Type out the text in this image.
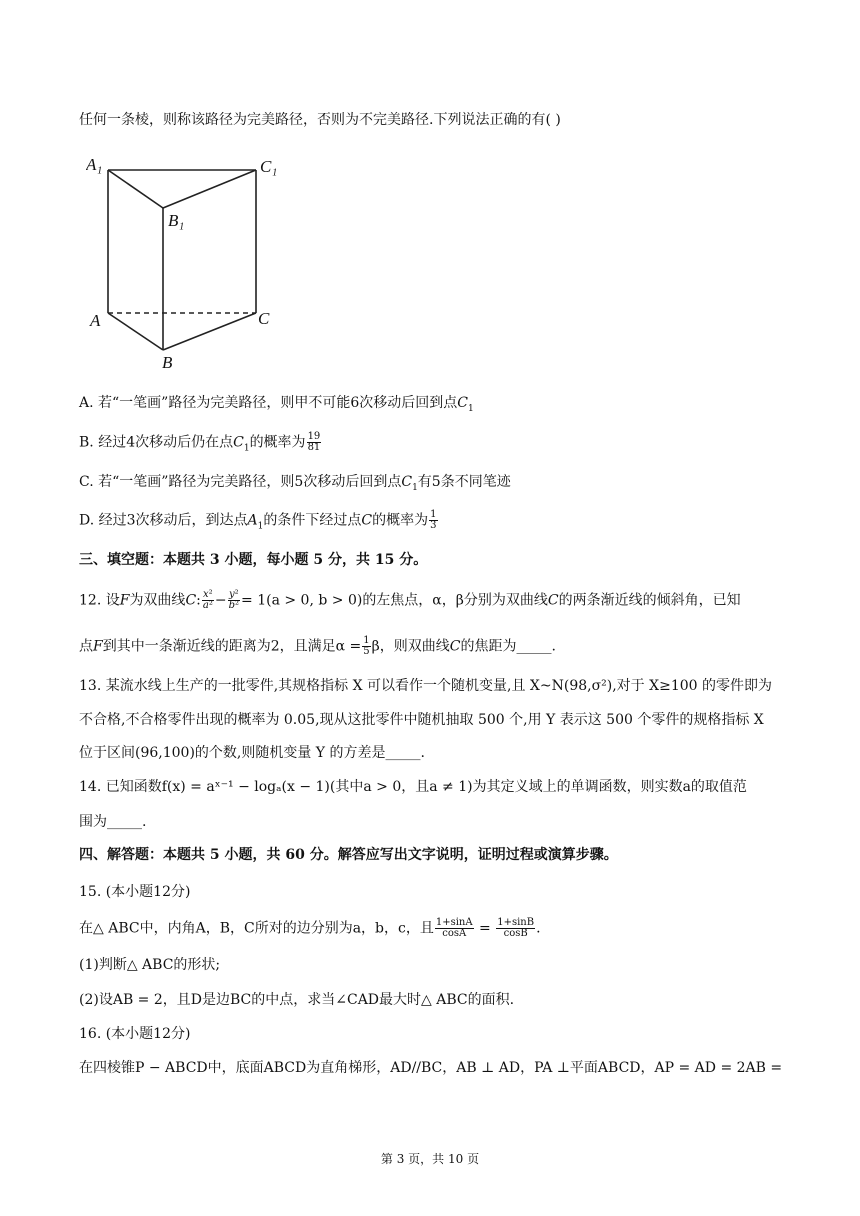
任何一条棱，则称该路径为完美路径，否则为不完美路径.下列说法正确的有( )
A₁	C₁
B₁
A	C
B
A. 若“一笔画”路径为完美路径，则甲不可能6次移动后回到点$C_1$
B. 经过4次移动后仍在点$C_1$的概率为 $\frac{19}{81}$
C. 若“一笔画”路径为完美路径，则5次移动后回到点$C_1$有5条不同笔迹
D. 经过3次移动后，到达点$A_1$的条件下经过点C的概率为 $\frac{1}{3}$
三、填空题：本题共 3 小题，每小题 5 分，共 15 分。
12. 设F为双曲线C: $\frac{\text{x²}}{\text{a²}} - \frac{\text{y²}}{\text{b²}} = 1(a > 0$, b > 0)的左焦点，α，β分别为双曲线C的两条渐近线的倾斜角，已知
点F到其中一条渐近线的距离为2，且满足$\alpha = \frac{1}{5}$ β，则双曲线C的焦距为_____.
13. 某流水线上生产的一批零件,其规格指标 X 可以看作一个随机变量,且 X~N(98,σ²),对于 X≥100 的零件即为
不合格,不合格零件出现的概率为 0.05,现从这批零件中随机抽取 500 个,用 Y 表示这 500 个零件的规格指标 X
位于区间(96,100)的个数,则随机变量 Y 的方差是_____.
14. 已知函数f(x) = aˣ⁻¹ − logₐ(x − 1)(其中a > 0，且a ≠ 1)为其定义域上的单调函数，则实数a的取值范
围为_____.
四、解答题：本题共 5 小题，共 60 分。解答应写出文字说明，证明过程或演算步骤。
15. (本小题12分)
在△ ABC中，内角A，B，C所对的边分别为a，b，c，且 $\frac{1+\sin A}{\cos A} = \frac{1+\sin B}{\cos B}$ .
(1)判断△ ABC的形状;
(2)设AB = 2，且D是边BC的中点，求当∠CAD最大时△ ABC的面积.
16. (本小题12分)
在四棱锥P − ABCD中，底面ABCD为直角梯形，AD//BC，AB ⊥ AD，PA ⊥平面ABCD，AP = AD = 2AB =
第 3 页，共 10 页
